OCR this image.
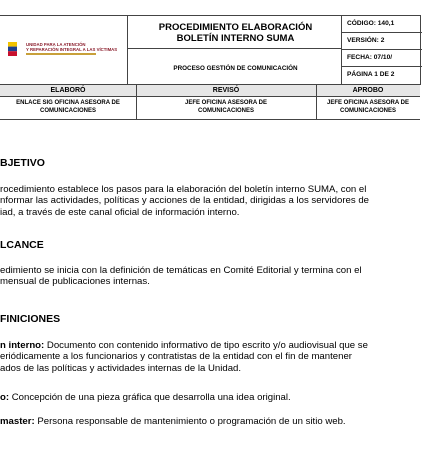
UNIDAD PARA LA ATENCIÓN
Y REPARACIÓN INTEGRAL A LAS VÍCTIMAS
PROCEDIMIENTO ELABORACIÓN
BOLETÍN INTERNO SUMA
PROCESO GESTIÓN DE COMUNICACIÓN
CÓDIGO: 140,1
VERSIÓN: 2
FECHA: 07/10/
PÁGINA 1 DE 2
ELABORÓ	REVISÓ	APROBO
ENLACE SIG OFICINA ASESORA DE
COMUNICACIONES
JEFE OFICINA ASESORA DE
COMUNICACIONES
JEFE OFICINA ASESORA DE
COMUNICACIONES
BJETIVO
rocedimiento establece los pasos para la elaboración del boletín interno SUMA, con el
nformar las actividades, políticas y acciones de la entidad, dirigidas a los servidores de
iad, a través de este canal oficial de información interno.
LCANCE
edimiento se inicia con la definición de temáticas en Comité Editorial y termina con el
mensual de publicaciones internas.
FINICIONES
n interno: Documento con contenido informativo de tipo escrito y/o audiovisual que se
eriódicamente a los funcionarios y contratistas de la entidad con el fin de mantener
ados de las políticas y actividades internas de la Unidad.
o: Concepción de una pieza gráfica que desarrolla una idea original.
master: Persona responsable de mantenimiento o programación de un sitio web.
